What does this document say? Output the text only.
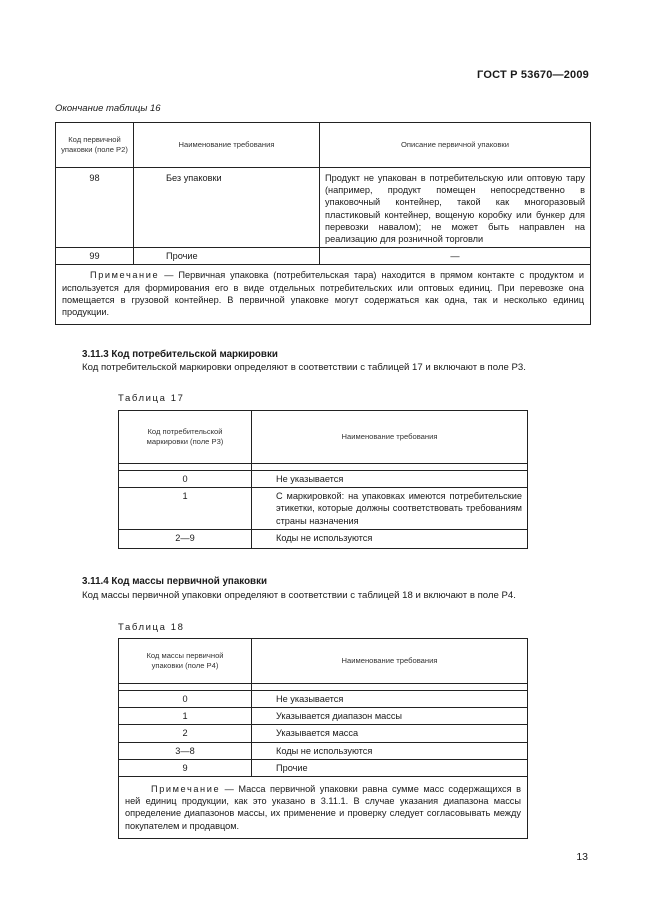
ГОСТ Р 53670—2009
Окончание таблицы 16
Код первичной упаковки (поле Р2)	Наименование требования	Описание первичной упаковки
98	Без упаковки	Продукт не упакован в потребительскую или оптовую тару (например, продукт помещен непосредственно в упаковочный контейнер, такой как многоразовый пластиковый контейнер, вощеную коробку или бункер для перевозки навалом); не может быть направлен на реализацию для розничной торговли
99	Прочие	—
Примечание — Первичная упаковка (потребительская тара) находится в прямом контакте с продуктом и используется для формирования его в виде отдельных потребительских или оптовых единиц. При перевозке она помещается в грузовой контейнер. В первичной упаковке могут содержаться как одна, так и несколько единиц продукции.		
3.11.3 Код потребительской маркировки
Код потребительской маркировки определяют в соответствии с таблицей 17 и включают в поле Р3.
Таблица 17
Код потребительской маркировки (поле Р3)	Наименование требования

0	Не указывается
1	С маркировкой: на упаковках имеются потребительские этикетки, которые должны соответствовать требованиям страны назначения
2—9	Коды не используются
3.11.4 Код массы первичной упаковки
Код массы первичной упаковки определяют в соответствии с таблицей 18 и включают в поле Р4.
Таблица 18
Код массы первичной упаковки (поле Р4)	Наименование требования

0	Не указывается
1	Указывается диапазон массы
2	Указывается масса
3—8	Коды не используются
9	Прочие
Примечание — Масса первичной упаковки равна сумме масс содержащихся в ней единиц продукции, как это указано в 3.11.1. В случае указания диапазона массы определение диапазонов массы, их применение и проверку следует согласовывать между покупателем и продавцом.	
13
